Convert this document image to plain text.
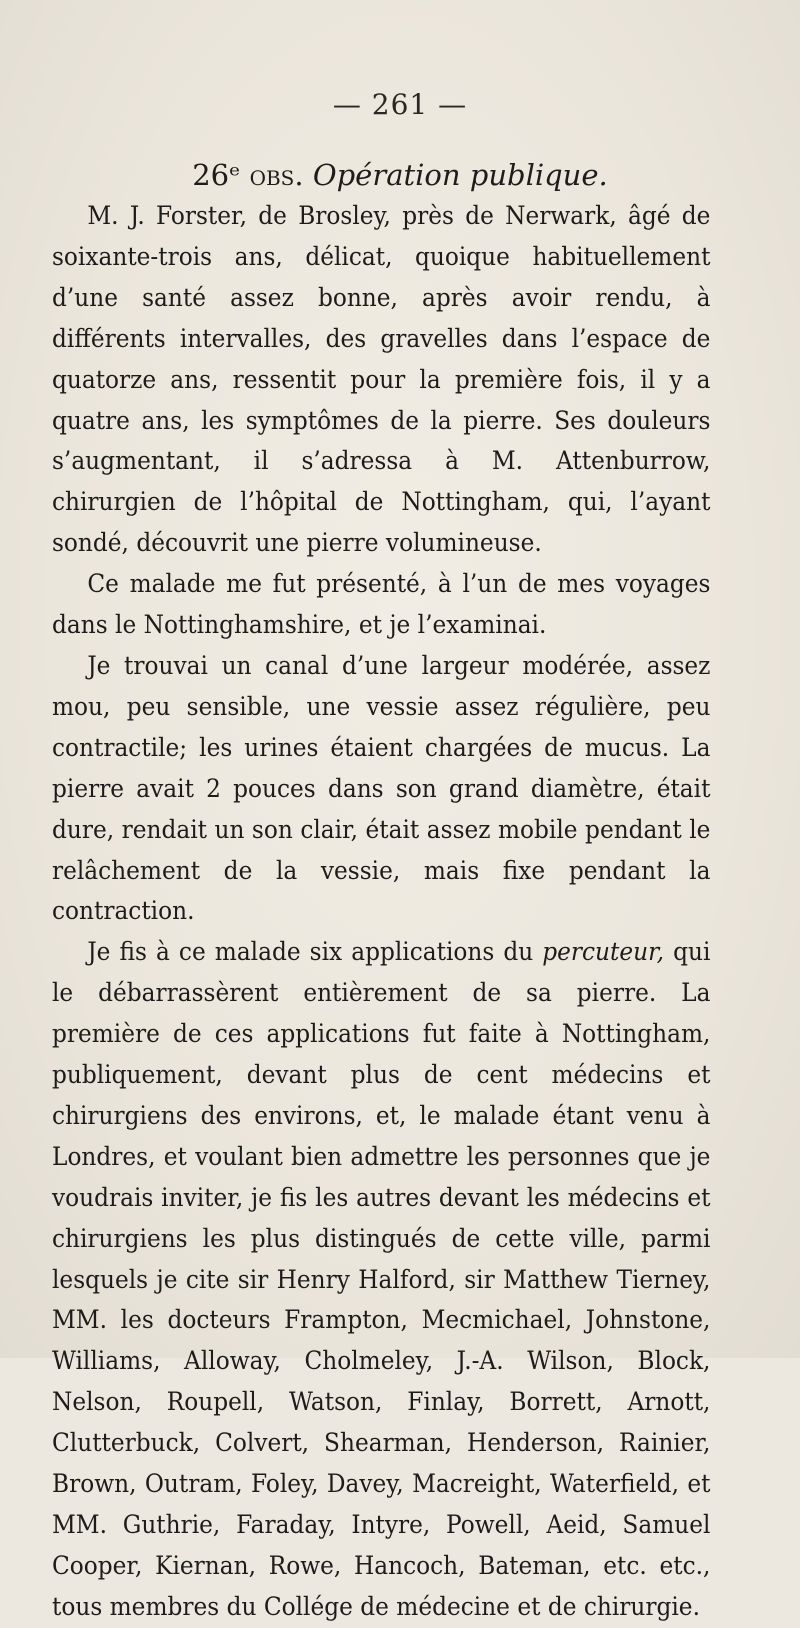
— 261 —
26ᵉ obs. Opération publique.

M. J. Forster, de Brosley, près de Nerwark, âgé de soixante-trois ans, délicat, quoique habituellement d’une santé assez bonne, après avoir rendu, à différents intervalles, des gravelles dans l’espace de quatorze ans, ressentit pour la première fois, il y a quatre ans, les symptômes de la pierre. Ses douleurs s’augmentant, il s’adressa à M. Attenburrow, chirurgien de l’hôpital de Nottingham, qui, l’ayant sondé, découvrit une pierre volumineuse.

Ce malade me fut présenté, à l’un de mes voyages dans le Nottinghamshire, et je l’examinai.

Je trouvai un canal d’une largeur modérée, assez mou, peu sensible, une vessie assez régulière, peu contractile; les urines étaient chargées de mucus. La pierre avait 2 pouces dans son grand diamètre, était dure, rendait un son clair, était assez mobile pendant le relâchement de la vessie, mais fixe pendant la contraction.

Je fis à ce malade six applications du percuteur, qui le débarrassèrent entièrement de sa pierre. La première de ces applications fut faite à Nottingham, publiquement, devant plus de cent médecins et chirurgiens des environs, et, le malade étant venu à Londres, et voulant bien admettre les personnes que je voudrais inviter, je fis les autres devant les médecins et chirurgiens les plus distingués de cette ville, parmi lesquels je cite sir Henry Halford, sir Matthew Tierney, MM. les docteurs Frampton, Mecmichael, Johnstone, Williams, Alloway, Cholmeley, J.-A. Wilson, Block, Nelson, Roupell, Watson, Finlay, Borrett, Arnott, Clutterbuck, Colvert, Shearman, Henderson, Rainier, Brown, Outram, Foley, Davey, Macreight, Waterfield, et MM. Guthrie, Faraday, Intyre, Powell, Aeid, Samuel Cooper, Kiernan, Rowe, Hancoch, Bateman, etc. etc., tous membres du Collége de médecine et de chirurgie.
